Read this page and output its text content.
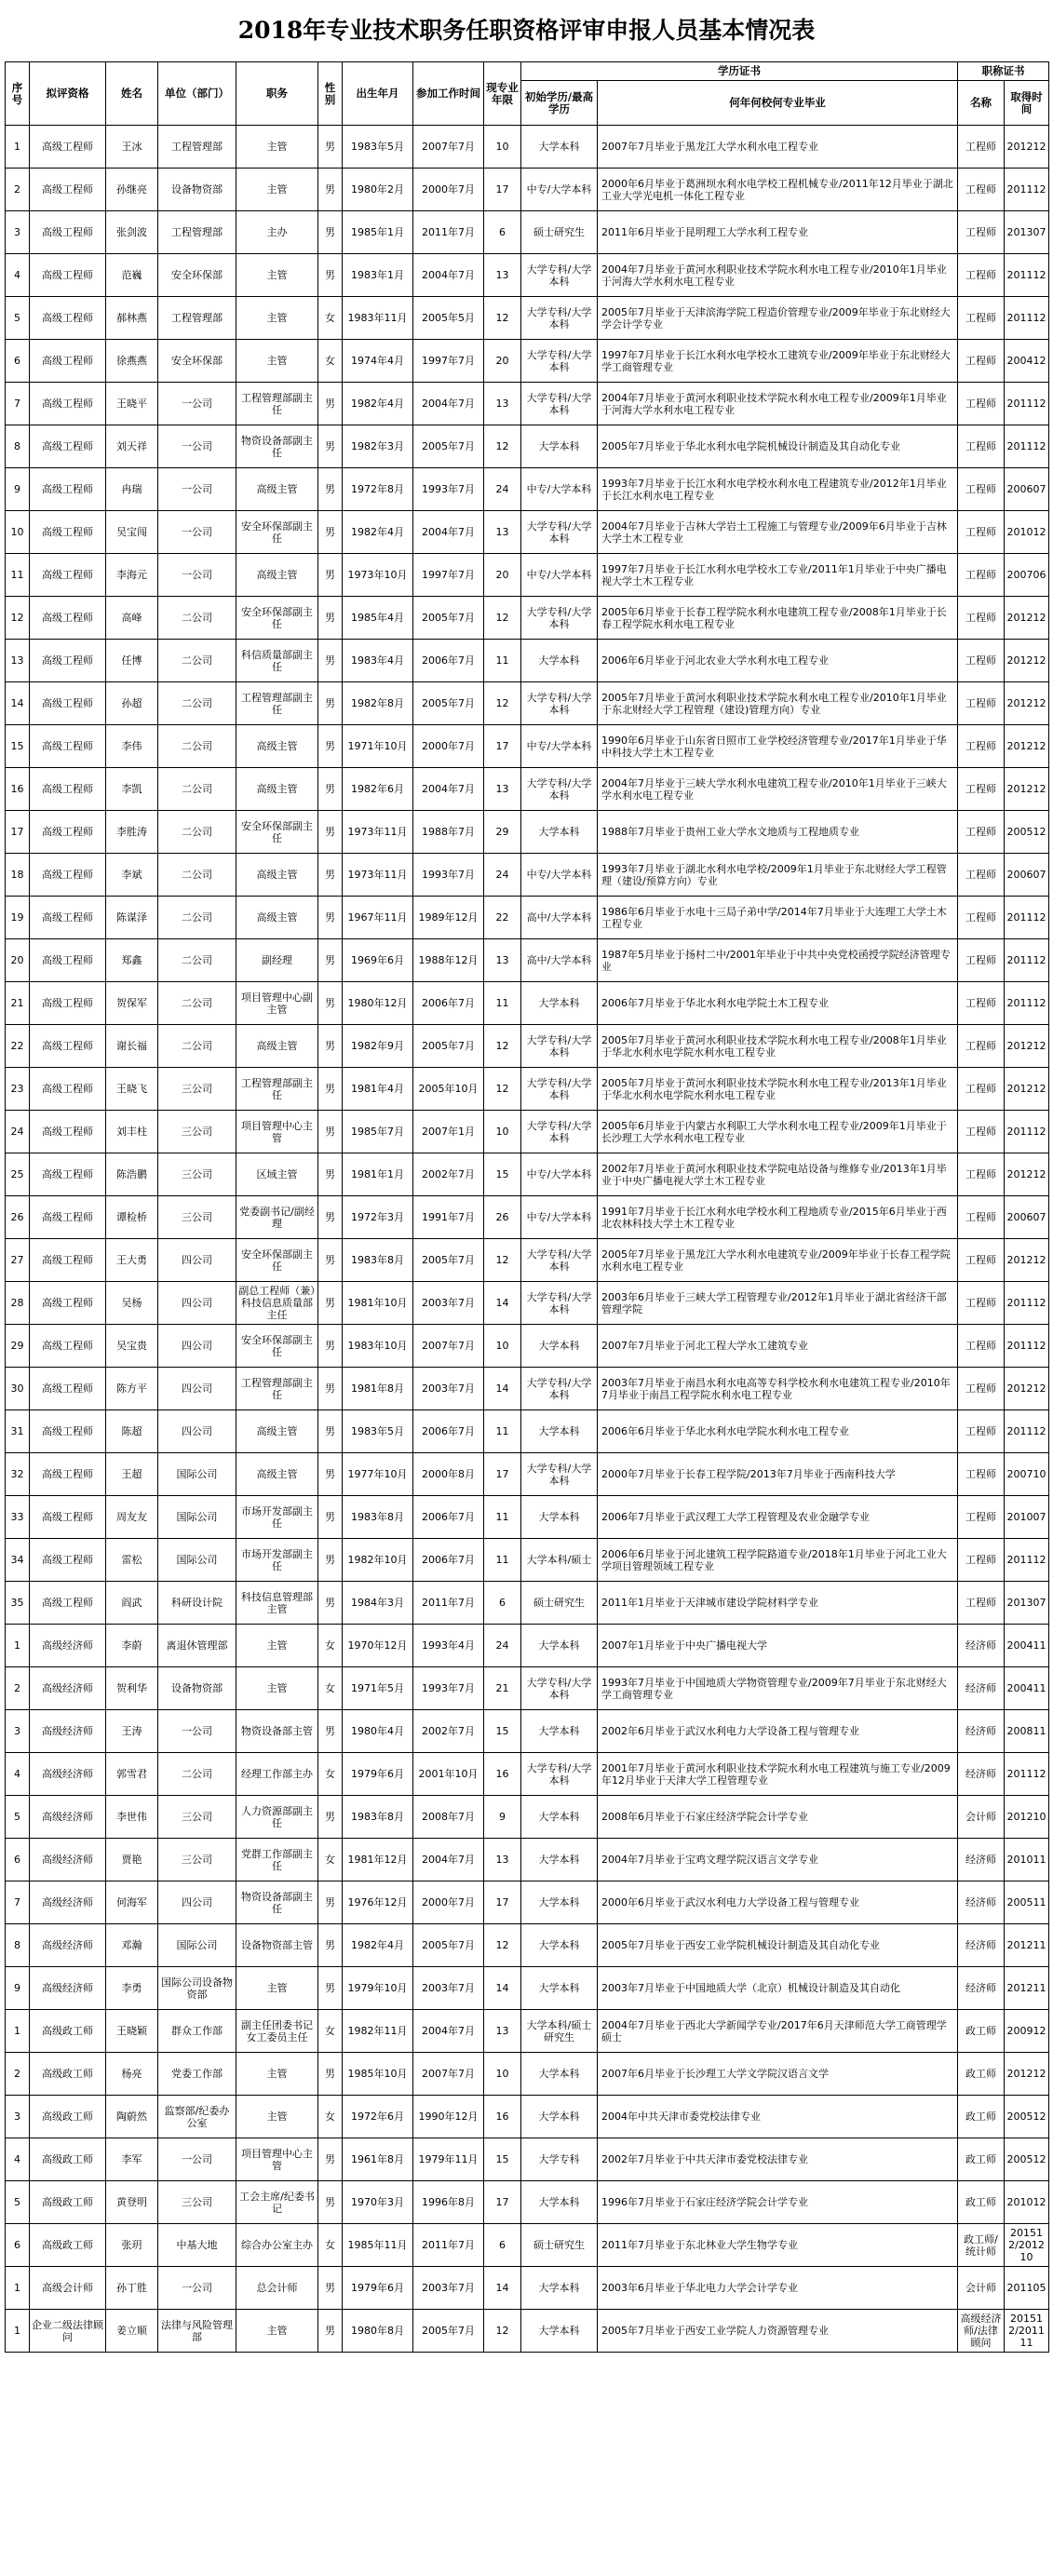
2018年专业技术职务任职资格评审申报人员基本情况表
序号	拟评资格	姓名	单位（部门）	职务	性别	出生年月	参加工作时间	现专业年限	学历证书		职称证书	
									初始学历/最高学历	何年何校何专业毕业	名称	取得时间
1	高级工程师	王冰	工程管理部	主管	男	1983年5月	2007年7月	10	大学本科	2007年7月毕业于黑龙江大学水利水电工程专业	工程师	201212
2	高级工程师	孙继亮	设备物资部	主管	男	1980年2月	2000年7月	17	中专/大学本科	2000年6月毕业于葛洲坝水利水电学校工程机械专业/2011年12月毕业于湖北工业大学光电机一体化工程专业	工程师	201112
3	高级工程师	张剑波	工程管理部	主办	男	1985年1月	2011年7月	6	硕士研究生	2011年6月毕业于昆明理工大学水利工程专业	工程师	201307
4	高级工程师	范巍	安全环保部	主管	男	1983年1月	2004年7月	13	大学专科/大学本科	2004年7月毕业于黄河水利职业技术学院水利水电工程专业/2010年1月毕业于河海大学水利水电工程专业	工程师	201112
5	高级工程师	郝林燕	工程管理部	主管	女	1983年11月	2005年5月	12	大学专科/大学本科	2005年7月毕业于天津滨海学院工程造价管理专业/2009年毕业于东北财经大学会计学专业	工程师	201112
6	高级工程师	徐燕燕	安全环保部	主管	女	1974年4月	1997年7月	20	大学专科/大学本科	1997年7月毕业于长江水利水电学校水工建筑专业/2009年毕业于东北财经大学工商管理专业	工程师	200412
7	高级工程师	王晓平	一公司	工程管理部副主任	男	1982年4月	2004年7月	13	大学专科/大学本科	2004年7月毕业于黄河水利职业技术学院水利水电工程专业/2009年1月毕业于河海大学水利水电工程专业	工程师	201112
8	高级工程师	刘天祥	一公司	物资设备部副主任	男	1982年3月	2005年7月	12	大学本科	2005年7月毕业于华北水利水电学院机械设计制造及其自动化专业	工程师	201112
9	高级工程师	冉瑞	一公司	高级主管	男	1972年8月	1993年7月	24	中专/大学本科	1993年7月毕业于长江水利水电学校水利水电工程建筑专业/2012年1月毕业于长江水利水电工程专业	工程师	200607
10	高级工程师	吴宝闯	一公司	安全环保部副主任	男	1982年4月	2004年7月	13	大学专科/大学本科	2004年7月毕业于吉林大学岩土工程施工与管理专业/2009年6月毕业于吉林大学土木工程专业	工程师	201012
11	高级工程师	李海元	一公司	高级主管	男	1973年10月	1997年7月	20	中专/大学本科	1997年7月毕业于长江水利水电学校水工专业/2011年1月毕业于中央广播电视大学土木工程专业	工程师	200706
12	高级工程师	高峰	二公司	安全环保部副主任	男	1985年4月	2005年7月	12	大学专科/大学本科	2005年6月毕业于长春工程学院水利水电建筑工程专业/2008年1月毕业于长春工程学院水利水电工程专业	工程师	201212
13	高级工程师	任博	二公司	科信质量部副主任	男	1983年4月	2006年7月	11	大学本科	2006年6月毕业于河北农业大学水利水电工程专业	工程师	201212
14	高级工程师	孙超	二公司	工程管理部副主任	男	1982年8月	2005年7月	12	大学专科/大学本科	2005年7月毕业于黄河水利职业技术学院水利水电工程专业/2010年1月毕业于东北财经大学工程管理（建设)管理方向）专业	工程师	201212
15	高级工程师	李伟	二公司	高级主管	男	1971年10月	2000年7月	17	中专/大学本科	1990年6月毕业于山东省日照市工业学校经济管理专业/2017年1月毕业于华中科技大学土木工程专业	工程师	201212
16	高级工程师	李凯	二公司	高级主管	男	1982年6月	2004年7月	13	大学专科/大学本科	2004年7月毕业于三峡大学水利水电建筑工程专业/2010年1月毕业于三峡大学水利水电工程专业	工程师	201212
17	高级工程师	李胜涛	二公司	安全环保部副主任	男	1973年11月	1988年7月	29	大学本科	1988年7月毕业于贵州工业大学水文地质与工程地质专业	工程师	200512
18	高级工程师	李斌	二公司	高级主管	男	1973年11月	1993年7月	24	中专/大学本科	1993年7月毕业于湖北水利水电学校/2009年1月毕业于东北财经大学工程管理（建设/预算方向）专业	工程师	200607
19	高级工程师	陈谋泽	二公司	高级主管	男	1967年11月	1989年12月	22	高中/大学本科	1986年6月毕业于水电十三局子弟中学/2014年7月毕业于大连理工大学土木工程专业	工程师	201112
20	高级工程师	郑鑫	二公司	副经理	男	1969年6月	1988年12月	13	高中/大学本科	1987年5月毕业于扬村二中/2001年毕业于中共中央党校函授学院经济管理专业	工程师	201112
21	高级工程师	贺保军	二公司	项目管理中心副主管	男	1980年12月	2006年7月	11	大学本科	2006年7月毕业于华北水利水电学院土木工程专业	工程师	201112
22	高级工程师	谢长福	二公司	高级主管	男	1982年9月	2005年7月	12	大学专科/大学本科	2005年7月毕业于黄河水利职业技术学院水利水电工程专业/2008年1月毕业于华北水利水电学院水利水电工程专业	工程师	201212
23	高级工程师	王晓飞	三公司	工程管理部副主任	男	1981年4月	2005年10月	12	大学专科/大学本科	2005年7月毕业于黄河水利职业技术学院水利水电工程专业/2013年1月毕业于华北水利水电学院水利水电工程专业	工程师	201212
24	高级工程师	刘丰柱	三公司	项目管理中心主管	男	1985年7月	2007年1月	10	大学专科/大学本科	2005年6月毕业于内蒙古水利职工大学水利水电工程专业/2009年1月毕业于长沙理工大学水利水电工程专业	工程师	201112
25	高级工程师	陈浩鹏	三公司	区域主管	男	1981年1月	2002年7月	15	中专/大学本科	2002年7月毕业于黄河水利职业技术学院电站设备与维修专业/2013年1月毕业于中央广播电视大学土木工程专业	工程师	201212
26	高级工程师	谭检桥	三公司	党委副书记/副经理	男	1972年3月	1991年7月	26	中专/大学本科	1991年7月毕业于长江水利水电学校水利工程地质专业/2015年6月毕业于西北农林科技大学土木工程专业	工程师	200607
27	高级工程师	王大勇	四公司	安全环保部副主任	男	1983年8月	2005年7月	12	大学专科/大学本科	2005年7月毕业于黑龙江大学水利水电建筑专业/2009年毕业于长春工程学院水利水电工程专业	工程师	201212
28	高级工程师	吴杨	四公司	副总工程师（兼）科技信息质量部主任	男	1981年10月	2003年7月	14	大学专科/大学本科	2003年6月毕业于三峡大学工程管理专业/2012年1月毕业于湖北省经济干部管理学院	工程师	201112
29	高级工程师	吴宝贵	四公司	安全环保部副主任	男	1983年10月	2007年7月	10	大学本科	2007年7月毕业于河北工程大学水工建筑专业	工程师	201112
30	高级工程师	陈方平	四公司	工程管理部副主任	男	1981年8月	2003年7月	14	大学专科/大学本科	2003年7月毕业于南昌水利水电高等专科学校水利水电建筑工程专业/2010年7月毕业于南昌工程学院水利水电工程专业	工程师	201212
31	高级工程师	陈超	四公司	高级主管	男	1983年5月	2006年7月	11	大学本科	2006年6月毕业于华北水利水电学院水利水电工程专业	工程师	201112
32	高级工程师	王超	国际公司	高级主管	男	1977年10月	2000年8月	17	大学专科/大学本科	2000年7月毕业于长春工程学院/2013年7月毕业于西南科技大学	工程师	200710
33	高级工程师	周友友	国际公司	市场开发部副主任	男	1983年8月	2006年7月	11	大学本科	2006年7月毕业于武汉理工大学工程管理及农业金融学专业	工程师	201007
34	高级工程师	雷松	国际公司	市场开发部副主任	男	1982年10月	2006年7月	11	大学本科/硕士	2006年6月毕业于河北建筑工程学院路道专业/2018年1月毕业于河北工业大学项目管理领域工程专业	工程师	201112
35	高级工程师	阎武	科研设计院	科技信息管理部主管	男	1984年3月	2011年7月	6	硕士研究生	2011年1月毕业于天津城市建设学院材料学专业	工程师	201307
1	高级经济师	李蔚	离退休管理部	主管	女	1970年12月	1993年4月	24	大学本科	2007年1月毕业于中央广播电视大学	经济师	200411
2	高级经济师	贺利华	设备物资部	主管	女	1971年5月	1993年7月	21	大学专科/大学本科	1993年7月毕业于中国地质大学物资管理专业/2009年7月毕业于东北财经大学工商管理专业	经济师	200411
3	高级经济师	王涛	一公司	物资设备部主管	男	1980年4月	2002年7月	15	大学本科	2002年6月毕业于武汉水利电力大学设备工程与管理专业	经济师	200811
4	高级经济师	郭雪君	二公司	经理工作部主办	女	1979年6月	2001年10月	16	大学专科/大学本科	2001年7月毕业于黄河水利职业技术学院水利水电工程建筑与施工专业/2009年12月毕业于天津大学工程管理专业	经济师	201112
5	高级经济师	李世伟	三公司	人力资源部副主任	男	1983年8月	2008年7月	9	大学本科	2008年6月毕业于石家庄经济学院会计学专业	会计师	201210
6	高级经济师	贾艳	三公司	党群工作部副主任	女	1981年12月	2004年7月	13	大学本科	2004年7月毕业于宝鸡文理学院汉语言文学专业	经济师	201011
7	高级经济师	何海军	四公司	物资设备部副主任	男	1976年12月	2000年7月	17	大学本科	2000年6月毕业于武汉水利电力大学设备工程与管理专业	经济师	200511
8	高级经济师	邓瀚	国际公司	设备物资部主管	男	1982年4月	2005年7月	12	大学本科	2005年7月毕业于西安工业学院机械设计制造及其自动化专业	经济师	201211
9	高级经济师	李勇	国际公司设备物资部	主管	男	1979年10月	2003年7月	14	大学本科	2003年7月毕业于中国地质大学（北京）机械设计制造及其自动化	经济师	201211
1	高级政工师	王晓颖	群众工作部	副主任团委书记女工委员主任	女	1982年11月	2004年7月	13	大学本科/硕士研究生	2004年7月毕业于西北大学新闻学专业/2017年6月天津师范大学工商管理学硕士	政工师	200912
2	高级政工师	杨亮	党委工作部	主管	男	1985年10月	2007年7月	10	大学本科	2007年6月毕业于长沙理工大学文学院汉语言文学	政工师	201212
3	高级政工师	陶蔚然	监察部/纪委办公室	主管	女	1972年6月	1990年12月	16	大学本科	2004年中共天津市委党校法律专业	政工师	200512
4	高级政工师	李军	一公司	项目管理中心主管	男	1961年8月	1979年11月	15	大学专科	2002年7月毕业于中共天津市委党校法律专业	政工师	200512
5	高级政工师	黄登明	三公司	工会主席/纪委书记	男	1970年3月	1996年8月	17	大学本科	1996年7月毕业于石家庄经济学院会计学专业	政工师	201012
6	高级政工师	张玥	中基大地	综合办公室主办	女	1985年11月	2011年7月	6	硕士研究生	2011年7月毕业于东北林业大学生物学专业	政工师/统计师	201512/201210
1	高级会计师	孙丁胜	一公司	总会计师	男	1979年6月	2003年7月	14	大学本科	2003年6月毕业于华北电力大学会计学专业	会计师	201105
1	企业二级法律顾问	姜立顺	法律与风险管理部	主管	男	1980年8月	2005年7月	12	大学本科	2005年7月毕业于西安工业学院人力资源管理专业	高级经济师/法律顾问	201512/201111
